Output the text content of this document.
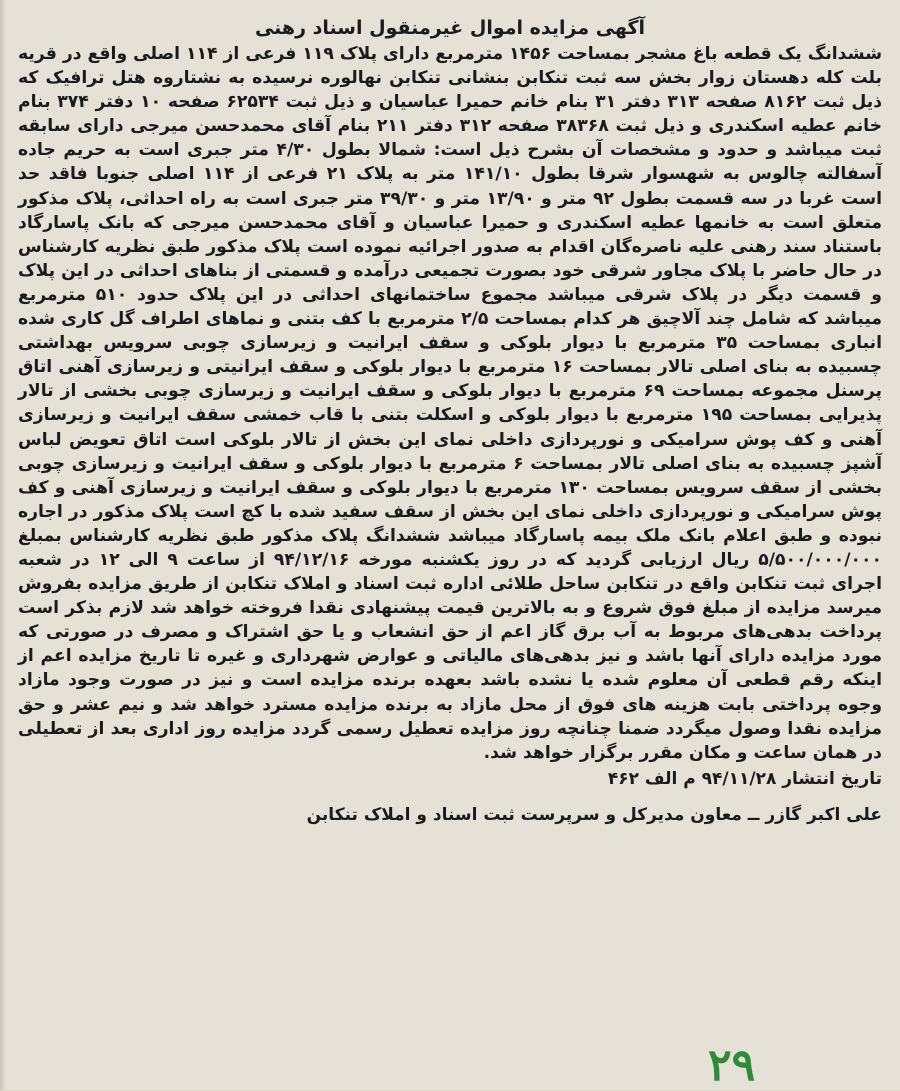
آگهی مزایده اموال غیرمنقول اسناد رهنی

ششدانگ یک قطعه باغ مشجر بمساحت ۱۴۵۶ مترمربع دارای پلاک ۱۱۹ فرعی از ۱۱۴ اصلی واقع در قریه بلت کله دهستان زوار بخش سه ثبت تنکابن بنشانی تنکابن نهالوره نرسیده به نشتاروه هتل ترافیک که ذیل ثبت ۸۱۶۲ صفحه ۳۱۳ دفتر ۳۱ بنام خانم حمیرا عباسیان و ذیل ثبت ۶۲۵۳۴ صفحه ۱۰ دفتر ۳۷۴ بنام خانم عطیه اسکندری و ذیل ثبت ۳۸۳۶۸ صفحه ۳۱۲ دفتر ۲۱۱ بنام آقای محمدحسن میرجی دارای سابقه ثبت میباشد و حدود و مشخصات آن بشرح ذیل است: شمالا بطول ۴/۳۰ متر جبری است به حریم جاده آسفالته چالوس به شهسوار شرقا بطول ۱۴۱/۱۰ متر به پلاک ۲۱ فرعی از ۱۱۴ اصلی جنوبا فاقد حد است غربا در سه قسمت بطول ۹۲ متر و ۱۳/۹۰ متر و ۳۹/۳۰ متر جبری است به راه احداثی، پلاک مذکور متعلق است به خانمها عطیه اسکندری و حمیرا عباسیان و آقای محمدحسن میرجی که بانک پاسارگاد باستناد سند رهنی علیه ناصره‌گان اقدام به صدور اجرائیه نموده است پلاک مذکور طبق نظریه کارشناس در حال حاضر با پلاک مجاور شرقی خود بصورت تجمیعی درآمده و قسمتی از بناهای احداثی در این پلاک و قسمت دیگر در پلاک شرقی میباشد مجموع ساختمانهای احداثی در این پلاک حدود ۵۱۰ مترمربع میباشد که شامل چند آلاچیق هر کدام بمساحت ۲/۵ مترمربع با کف بتنی و نماهای اطراف گل کاری شده انباری بمساحت ۳۵ مترمربع با دیوار بلوکی و سقف ایرانیت و زیرسازی چوبی سرویس بهداشتی چسبیده به بنای اصلی تالار بمساحت ۱۶ مترمربع با دیوار بلوکی و سقف ایرانیتی و زیرسازی آهنی اتاق پرسنل مجموعه بمساحت ۶۹ مترمربع با دیوار بلوکی و سقف ایرانیت و زیرسازی چوبی بخشی از تالار پذیرایی بمساحت ۱۹۵ مترمربع با دیوار بلوکی و اسکلت بتنی با قاب خمشی سقف ایرانیت و زیرسازی آهنی و کف پوش سرامیکی و نورپردازی داخلی نمای این بخش از تالار بلوکی است اتاق تعویض لباس آشپز چسبیده به بنای اصلی تالار بمساحت ۶ مترمربع با دیوار بلوکی و سقف ایرانیت و زیرسازی چوبی بخشی از سقف سرویس بمساحت ۱۳۰ مترمربع با دیوار بلوکی و سقف ایرانیت و زیرسازی آهنی و کف پوش سرامیکی و نورپردازی داخلی نمای این بخش از سقف سفید شده با کچ است پلاک مذکور در اجاره نبوده و طبق اعلام بانک ملک بیمه پاسارگاد میباشد ششدانگ پلاک مذکور طبق نظریه کارشناس بمبلغ ۵/۵۰۰/۰۰۰/۰۰۰ ریال ارزیابی گردید که در روز یکشنبه مورخه ۹۴/۱۲/۱۶ از ساعت ۹ الی ۱۲ در شعبه اجرای ثبت تنکابن واقع در تنکابن ساحل طلائی اداره ثبت اسناد و املاک تنکابن از طریق مزایده بفروش میرسد مزایده از مبلغ فوق شروع و به بالاترین قیمت پیشنهادی نقدا فروخته خواهد شد لازم بذکر است پرداخت بدهی‌های مربوط به آب برق گاز اعم از حق انشعاب و یا حق اشتراک و مصرف در صورتی که مورد مزایده دارای آنها باشد و نیز بدهی‌های مالیاتی و عوارض شهرداری و غیره تا تاریخ مزایده اعم از اینکه رقم قطعی آن معلوم شده یا نشده باشد بعهده برنده مزایده است و نیز در صورت وجود مازاد وجوه پرداختی بابت هزینه های فوق از محل مازاد به برنده مزایده مسترد خواهد شد و نیم عشر و حق مزایده نقدا وصول میگردد ضمنا چنانچه روز مزایده تعطیل رسمی گردد مزایده روز اداری بعد از تعطیلی در همان ساعت و مکان مقرر برگزار خواهد شد.

تاریخ انتشار ۹۴/۱۱/۲۸ م الف ۴۶۲
علی اکبر گازر ــ معاون مدیرکل و سرپرست ثبت اسناد و املاک تنکابن
۲۹
